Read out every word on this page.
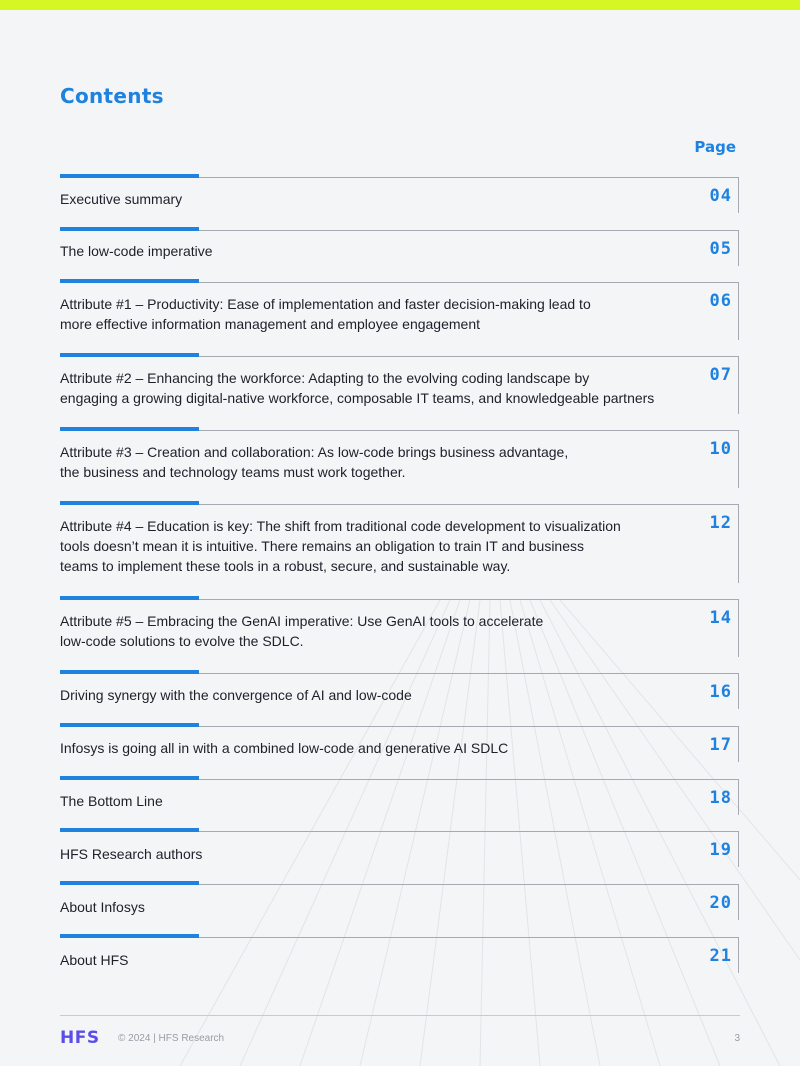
Contents
Page
Executive summary	04
The low-code imperative	05
Attribute #1 – Productivity: Ease of implementation and faster decision-making lead to
more effective information management and employee engagement
06
Attribute #2 – Enhancing the workforce: Adapting to the evolving coding landscape by
engaging a growing digital-native workforce, composable IT teams, and knowledgeable partners
07
Attribute #3 – Creation and collaboration: As low-code brings business advantage,
the business and technology teams must work together.
10
Attribute #4 – Education is key: The shift from traditional code development to visualization
tools doesn’t mean it is intuitive. There remains an obligation to train IT and business
teams to implement these tools in a robust, secure, and sustainable way.
12
Attribute #5 – Embracing the GenAI imperative: Use GenAI tools to accelerate
low-code solutions to evolve the SDLC.
14
Driving synergy with the convergence of AI and low-code	16
Infosys is going all in with a combined low-code and generative AI SDLC	17
The Bottom Line	18
HFS Research authors	19
About Infosys	20
About HFS	21
HFS © 2024 | HFS Research	3
